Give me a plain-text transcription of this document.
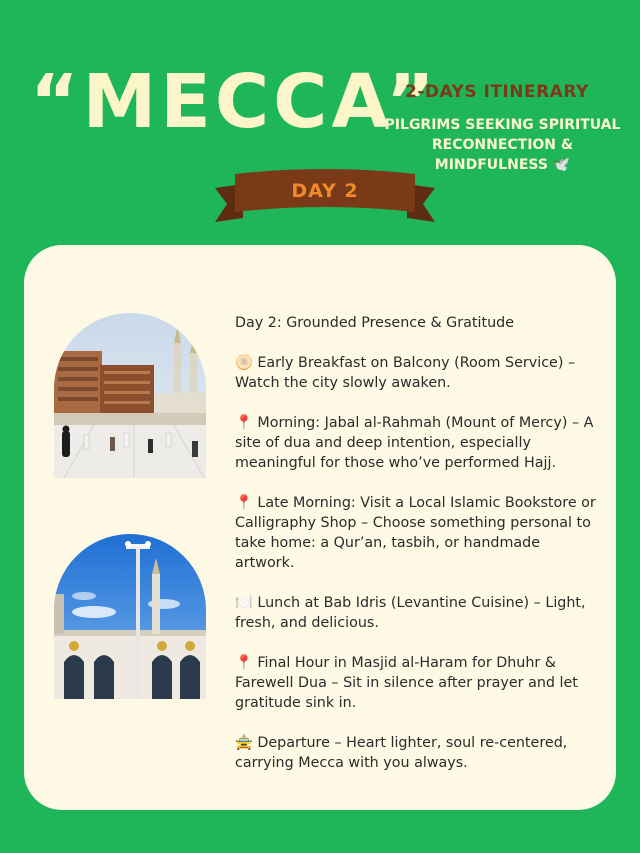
“MECCA”
2-DAYS ITINERARY
PILGRIMS SEEKING SPIRITUAL RECONNECTION & MINDFULNESS 🕊️
DAY 2

Day 2: Grounded Presence & Gratitude

🫓 Early Breakfast on Balcony (Room Service) – Watch the city slowly awaken.

📍 Morning: Jabal al-Rahmah (Mount of Mercy) – A site of dua and deep intention, especially meaningful for those who’ve performed Hajj.

📍 Late Morning: Visit a Local Islamic Bookstore or Calligraphy Shop – Choose something personal to take home: a Qur’an, tasbih, or handmade artwork.

🍽️ Lunch at Bab Idris (Levantine Cuisine) – Light, fresh, and delicious.

📍 Final Hour in Masjid al-Haram for Dhuhr & Farewell Dua – Sit in silence after prayer and let gratitude sink in.

🚖 Departure – Heart lighter, soul re-centered, carrying Mecca with you always.
